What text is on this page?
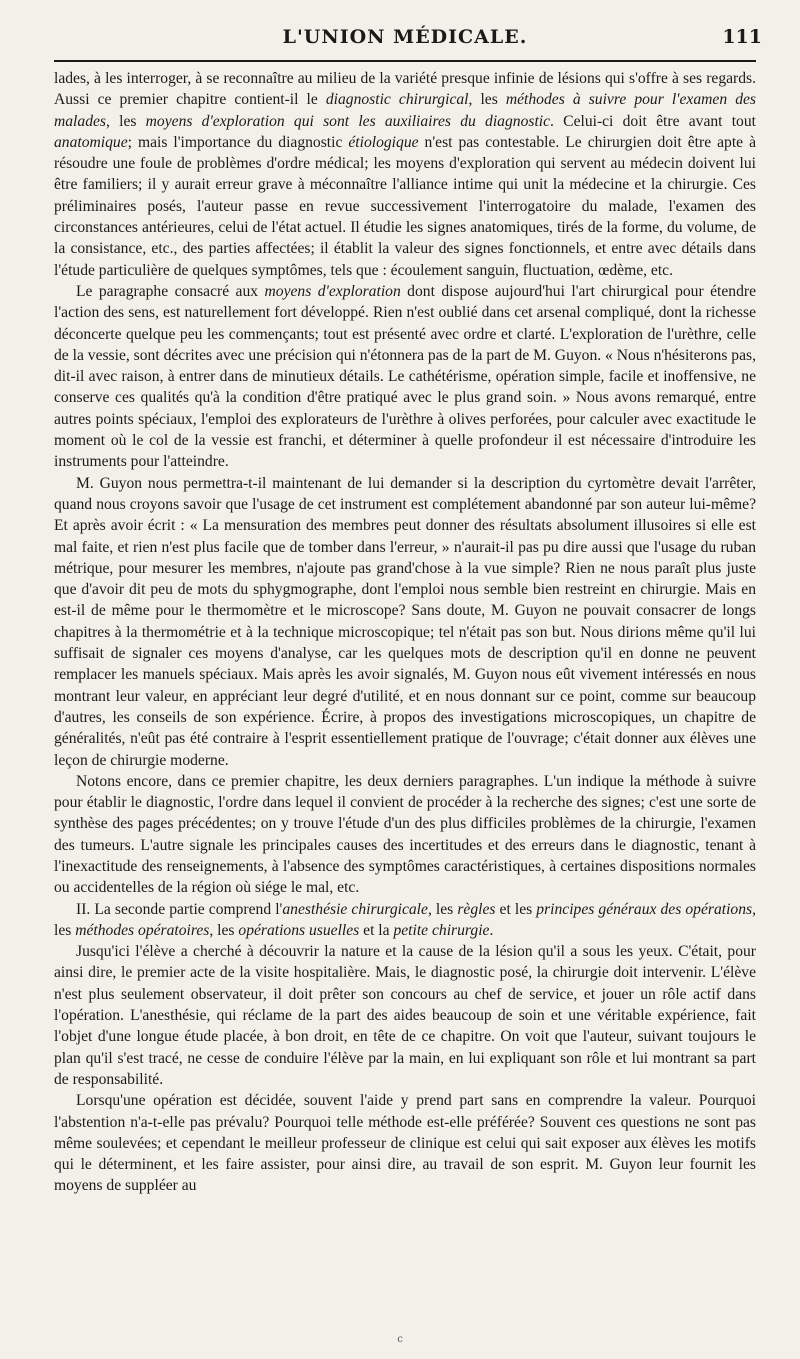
L'UNION MÉDICALE.	111

lades, à les interroger, à se reconnaître au milieu de la variété presque infinie de lésions qui s'offre à ses regards. Aussi ce premier chapitre contient-il le diagnostic chirurgical, les méthodes à suivre pour l'examen des malades, les moyens d'exploration qui sont les auxiliaires du diagnostic. Celui-ci doit être avant tout anatomique; mais l'importance du diagnostic étiologique n'est pas contestable. Le chirurgien doit être apte à résoudre une foule de problèmes d'ordre médical; les moyens d'exploration qui servent au médecin doivent lui être familiers; il y aurait erreur grave à méconnaître l'alliance intime qui unit la médecine et la chirurgie. Ces préliminaires posés, l'auteur passe en revue successivement l'interrogatoire du malade, l'examen des circonstances antérieures, celui de l'état actuel. Il étudie les signes anatomiques, tirés de la forme, du volume, de la consistance, etc., des parties affectées; il établit la valeur des signes fonctionnels, et entre avec détails dans l'étude particulière de quelques symptômes, tels que : écoulement sanguin, fluctuation, œdème, etc.

Le paragraphe consacré aux moyens d'exploration dont dispose aujourd'hui l'art chirurgical pour étendre l'action des sens, est naturellement fort développé. Rien n'est oublié dans cet arsenal compliqué, dont la richesse déconcerte quelque peu les commençants; tout est présenté avec ordre et clarté. L'exploration de l'urèthre, celle de la vessie, sont décrites avec une précision qui n'étonnera pas de la part de M. Guyon. « Nous n'hésiterons pas, dit-il avec raison, à entrer dans de minutieux détails. Le cathétérisme, opération simple, facile et inoffensive, ne conserve ces qualités qu'à la condition d'être pratiqué avec le plus grand soin. » Nous avons remarqué, entre autres points spéciaux, l'emploi des explorateurs de l'urèthre à olives perforées, pour calculer avec exactitude le moment où le col de la vessie est franchi, et déterminer à quelle profondeur il est nécessaire d'introduire les instruments pour l'atteindre.

M. Guyon nous permettra-t-il maintenant de lui demander si la description du cyrtomètre devait l'arrêter, quand nous croyons savoir que l'usage de cet instrument est complétement abandonné par son auteur lui-même? Et après avoir écrit : « La mensuration des membres peut donner des résultats absolument illusoires si elle est mal faite, et rien n'est plus facile que de tomber dans l'erreur, » n'aurait-il pas pu dire aussi que l'usage du ruban métrique, pour mesurer les membres, n'ajoute pas grand'chose à la vue simple? Rien ne nous paraît plus juste que d'avoir dit peu de mots du sphygmographe, dont l'emploi nous semble bien restreint en chirurgie. Mais en est-il de même pour le thermomètre et le microscope? Sans doute, M. Guyon ne pouvait consacrer de longs chapitres à la thermométrie et à la technique microscopique; tel n'était pas son but. Nous dirions même qu'il lui suffisait de signaler ces moyens d'analyse, car les quelques mots de description qu'il en donne ne peuvent remplacer les manuels spéciaux. Mais après les avoir signalés, M. Guyon nous eût vivement intéressés en nous montrant leur valeur, en appréciant leur degré d'utilité, et en nous donnant sur ce point, comme sur beaucoup d'autres, les conseils de son expérience. Écrire, à propos des investigations microscopiques, un chapitre de généralités, n'eût pas été contraire à l'esprit essentiellement pratique de l'ouvrage; c'était donner aux élèves une leçon de chirurgie moderne.

Notons encore, dans ce premier chapitre, les deux derniers paragraphes. L'un indique la méthode à suivre pour établir le diagnostic, l'ordre dans lequel il convient de procéder à la recherche des signes; c'est une sorte de synthèse des pages précédentes; on y trouve l'étude d'un des plus difficiles problèmes de la chirurgie, l'examen des tumeurs. L'autre signale les principales causes des incertitudes et des erreurs dans le diagnostic, tenant à l'inexactitude des renseignements, à l'absence des symptômes caractéristiques, à certaines dispositions normales ou accidentelles de la région où siége le mal, etc.

II. La seconde partie comprend l'anesthésie chirurgicale, les règles et les principes généraux des opérations, les méthodes opératoires, les opérations usuelles et la petite chirurgie.

Jusqu'ici l'élève a cherché à découvrir la nature et la cause de la lésion qu'il a sous les yeux. C'était, pour ainsi dire, le premier acte de la visite hospitalière. Mais, le diagnostic posé, la chirurgie doit intervenir. L'élève n'est plus seulement observateur, il doit prêter son concours au chef de service, et jouer un rôle actif dans l'opération. L'anesthésie, qui réclame de la part des aides beaucoup de soin et une véritable expérience, fait l'objet d'une longue étude placée, à bon droit, en tête de ce chapitre. On voit que l'auteur, suivant toujours le plan qu'il s'est tracé, ne cesse de conduire l'élève par la main, en lui expliquant son rôle et lui montrant sa part de responsabilité.

Lorsqu'une opération est décidée, souvent l'aide y prend part sans en comprendre la valeur. Pourquoi l'abstention n'a-t-elle pas prévalu? Pourquoi telle méthode est-elle préférée? Souvent ces questions ne sont pas même soulevées; et cependant le meilleur professeur de clinique est celui qui sait exposer aux élèves les motifs qui le déterminent, et les faire assister, pour ainsi dire, au travail de son esprit. M. Guyon leur fournit les moyens de suppléer au

c
